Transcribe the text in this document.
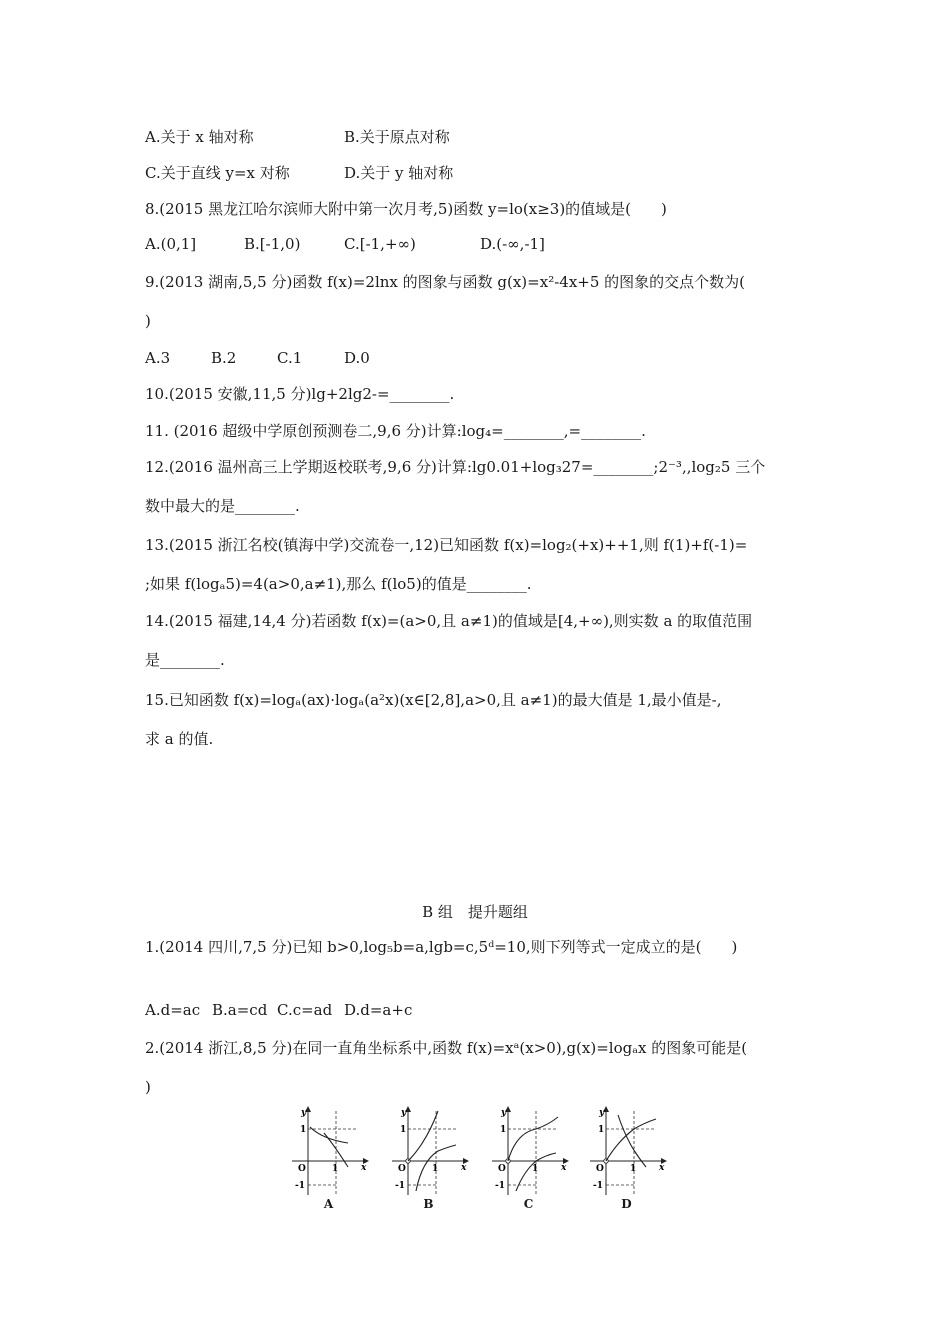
A.关于 x 轴对称	B.关于原点对称
C.关于直线 y=x 对称	D.关于 y 轴对称
8.(2015 黑龙江哈尔滨师大附中第一次月考,5)函数 y=lo(x≥3)的值域是(　　)
A.(0,1]	B.[-1,0)	C.[-1,+∞)	D.(-∞,-1]
9.(2013 湖南,5,5 分)函数 f(x)=2lnx 的图象与函数 g(x)=x²-4x+5 的图象的交点个数为(
)
A.3	B.2	C.1	D.0
10.(2015 安徽,11,5 分)lg+2lg2-=________.
11. (2016 超级中学原创预测卷二,9,6 分)计算:log₄=________,=________.
12.(2016 温州高三上学期返校联考,9,6 分)计算:lg0.01+log₃27=________;2⁻³,,log₂5 三个
数中最大的是________.
13.(2015 浙江名校(镇海中学)交流卷一,12)已知函数 f(x)=log₂(+x)++1,则 f(1)+f(-1)=
;如果 f(logₐ5)=4(a>0,a≠1),那么 f(lo5)的值是________.
14.(2015 福建,14,4 分)若函数 f(x)=(a>0,且 a≠1)的值域是[4,+∞),则实数 a 的取值范围
是________.
15.已知函数 f(x)=logₐ(ax)·logₐ(a²x)(x∈[2,8],a>0,且 a≠1)的最大值是 1,最小值是-,
求 a 的值.
B 组　提升题组
1.(2014 四川,7,5 分)已知 b>0,log₅b=a,lgb=c,5ᵈ=10,则下列等式一定成立的是(　　)
A.d=ac B.a=cd C.c=ad D.d=a+c
2.(2014 浙江,8,5 分)在同一直角坐标系中,函数 f(x)=xᵃ(x>0),g(x)=logₐx 的图象可能是(
)
y
x
O
1
1
-1
A
y
x
O
1
1
-1
B
y
x
O
1
1
-1
C
y
x
O
1
1
-1
D
